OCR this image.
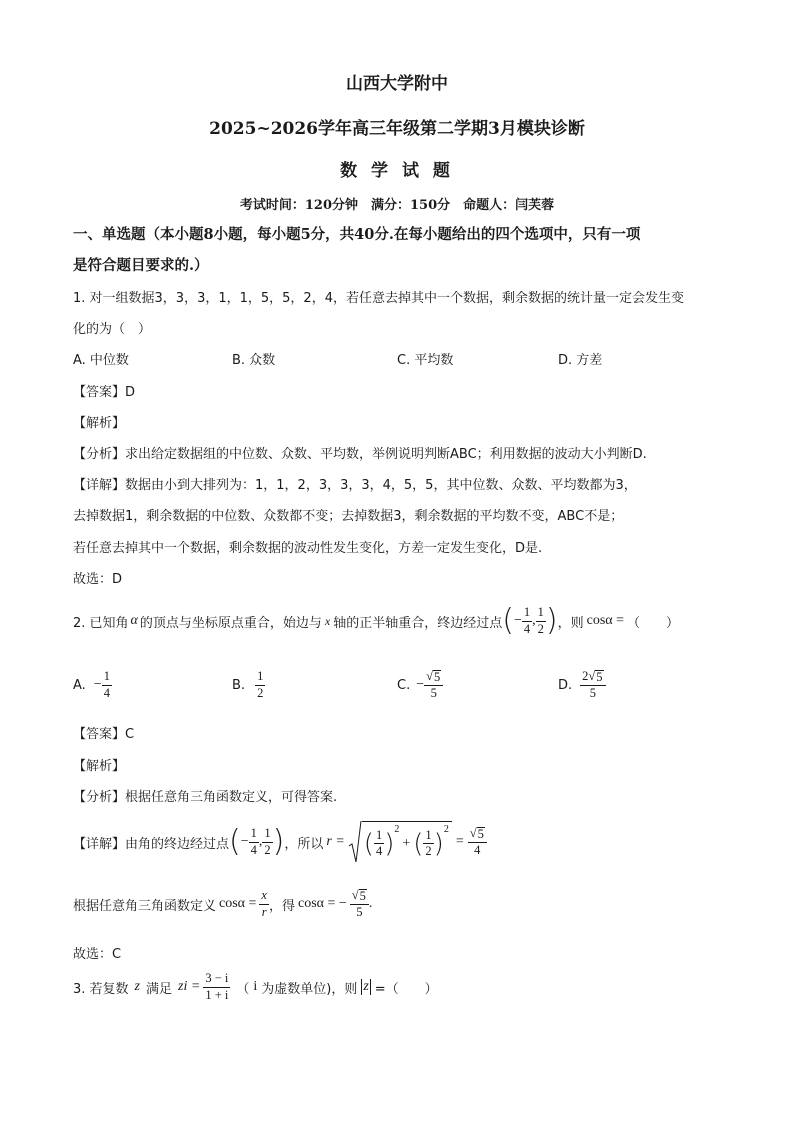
山西大学附中
2025~2026学年高三年级第二学期3月模块诊断
数 学 试 题
考试时间：120分钟　满分：150分　命题人：闫芙蓉
一、单选题（本小题8小题，每小题5分，共40分.在每小题给出的四个选项中，只有一项
是符合题目要求的.）
1. 对一组数据3，3，3，1，1，5，5，2，4，若任意去掉其中一个数据，剩余数据的统计量一定会发生变
化的为（　）
A. 中位数	B. 众数	C. 平均数	D. 方差
【答案】D
【解析】
【分析】求出给定数据组的中位数、众数、平均数，举例说明判断ABC；利用数据的波动大小判断D.
【详解】数据由小到大排列为：1，1，2，3，3，3，4，5，5，其中位数、众数、平均数都为3，
去掉数据1，剩余数据的中位数、众数都不变；去掉数据3，剩余数据的平均数不变，ABC不是；
若任意去掉其中一个数据，剩余数据的波动性发生变化，方差一定发生变化，D是.
故选：D
2. 已知角 α 的顶点与坐标原点重合，始边与 x 轴的正半轴重合，终边经过点 ( − $\frac{1}{4}$ , $\frac{1}{2}$ ) ，则 cosα = （　　）
A. − $\frac{1}{4}$	B. $\frac{1}{2}$	C. − $\frac{√ 5}{5}$	D. $\frac{2 √ 5}{5}$
【答案】C
【解析】
【分析】根据任意角三角函数定义，可得答案.
【详解】由角的终边经过点 ( − $\frac{1}{4}$ , $\frac{1}{2}$ ) ，所以 r = ( $\frac{1}{4} )^2$
+ ( $\frac{1}{2} )^2$
= $\frac{√ 5}{4}$
根据任意角三角函数定义 $\cos\alpha = \frac{x}{r}$ ，得 cosα = − $\frac{√ 5}{5}$ .
故选：C
3. 若复数 z 满足 zi = $\frac{3 - i}{1 + i}$ （ i 为虚数单位)，则 z =（　　）
